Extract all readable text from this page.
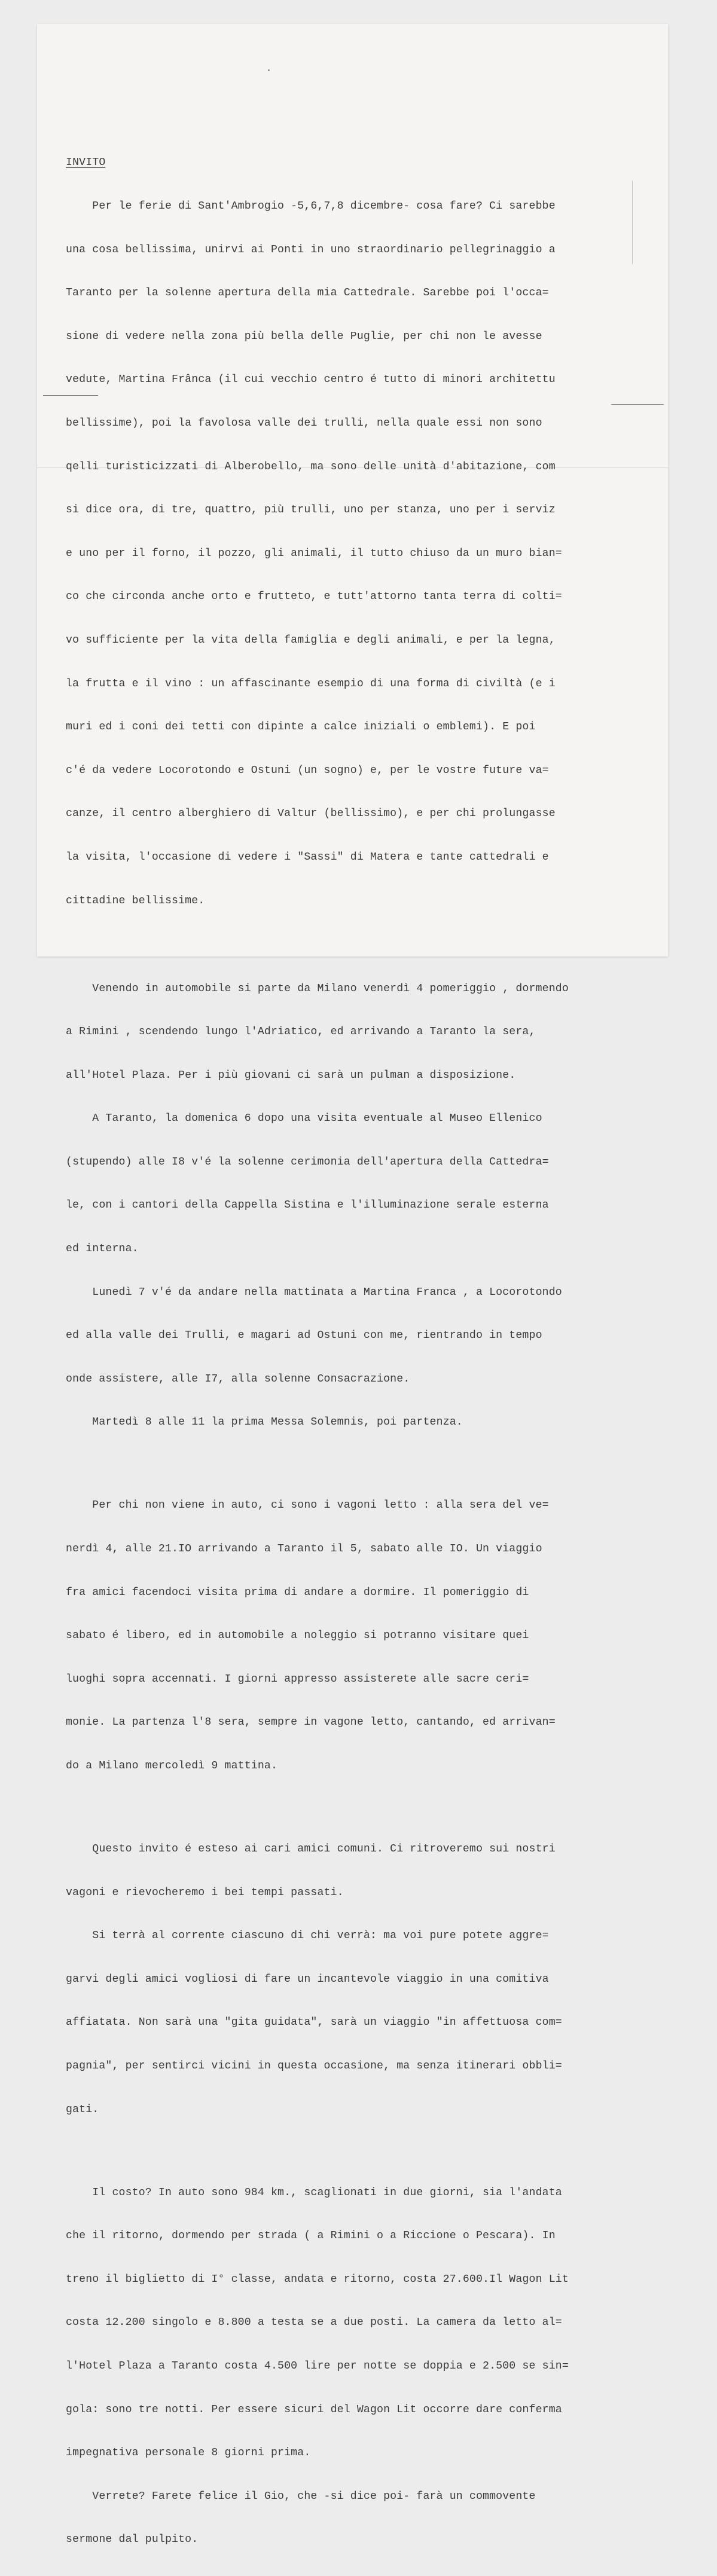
INVITO

Per le ferie di Sant'Ambrogio -5,6,7,8 dicembre- cosa fare? Ci sarebbe

una cosa bellissima, unirvi ai Ponti in uno straordinario pellegrinaggio a

Taranto per la solenne apertura della mia Cattedrale. Sarebbe poi l'occa=

sione di vedere nella zona più bella delle Puglie, per chi non le avesse

vedute, Martina Frânca (il cui vecchio centro é tutto di minori architettu

bellissime), poi la favolosa valle dei trulli, nella quale essi non sono

qelli turisticizzati di Alberobello, ma sono delle unità d'abitazione, com

si dice ora, di tre, quattro, più trulli, uno per stanza, uno per i serviz

e uno per il forno, il pozzo, gli animali, il tutto chiuso da un muro bian=

co che circonda anche orto e frutteto, e tutt'attorno tanta terra di colti=

vo sufficiente per la vita della famiglia e degli animali, e per la legna,

la frutta e il vino : un affascinante esempio di una forma di civiltà (e i

muri ed i coni dei tetti con dipinte a calce iniziali o emblemi). E poi

c'é da vedere Locorotondo e Ostuni (un sogno) e, per le vostre future va=

canze, il centro alberghiero di Valtur (bellissimo), e per chi prolungasse

la visita, l'occasione di vedere i "Sassi" di Matera e tante cattedrali e

cittadine bellissime.

Venendo in automobile si parte da Milano venerdì 4 pomeriggio , dormendo

a Rimini , scendendo lungo l'Adriatico, ed arrivando a Taranto la sera,

all'Hotel Plaza. Per i più giovani ci sarà un pulman a disposizione.

A Taranto, la domenica 6 dopo una visita eventuale al Museo Ellenico

(stupendo) alle I8 v'é la solenne cerimonia dell'apertura della Cattedra=

le, con i cantori della Cappella Sistina e l'illuminazione serale esterna

ed interna.

Lunedì 7 v'é da andare nella mattinata a Martina Franca , a Locorotondo

ed alla valle dei Trulli, e magari ad Ostuni con me, rientrando in tempo

onde assistere, alle I7, alla solenne Consacrazione.

Martedì 8 alle 11 la prima Messa Solemnis, poi partenza.

Per chi non viene in auto, ci sono i vagoni letto : alla sera del ve=

nerdì 4, alle 21.IO arrivando a Taranto il 5, sabato alle IO. Un viaggio

fra amici facendoci visita prima di andare a dormire. Il pomeriggio di

sabato é libero, ed in automobile a noleggio si potranno visitare quei

luoghi sopra accennati. I giorni appresso assisterete alle sacre ceri=

monie. La partenza l'8 sera, sempre in vagone letto, cantando, ed arrivan=

do a Milano mercoledì 9 mattina.

Questo invito é esteso ai cari amici comuni. Ci ritroveremo sui nostri

vagoni e rievocheremo i bei tempi passati.

Si terrà al corrente ciascuno di chi verrà: ma voi pure potete aggre=

garvi degli amici vogliosi di fare un incantevole viaggio in una comitiva

affiatata. Non sarà una "gita guidata", sarà un viaggio "in affettuosa com=

pagnia", per sentirci vicini in questa occasione, ma senza itinerari obbli=

gati.

Il costo? In auto sono 984 km., scaglionati in due giorni, sia l'andata

che il ritorno, dormendo per strada ( a Rimini o a Riccione o Pescara). In

treno il biglietto di I° classe, andata e ritorno, costa 27.600.Il Wagon Lit

costa 12.200 singolo e 8.800 a testa se a due posti. La camera da letto al=

l'Hotel Plaza a Taranto costa 4.500 lire per notte se doppia e 2.500 se sin=

gola: sono tre notti. Per essere sicuri del Wagon Lit occorre dare conferma

impegnativa personale 8 giorni prima.

Verrete? Farete felice il Gio, che -si dice poi- farà un commovente

sermone dal pulpito.
